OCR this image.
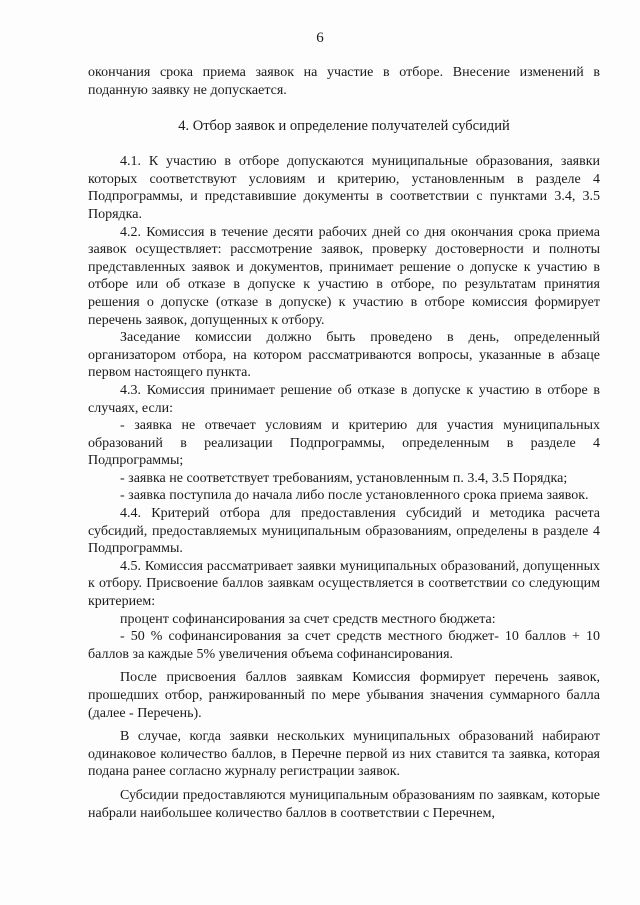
6

окончания срока приема заявок на участие в отборе. Внесение изменений в поданную заявку не допускается.

4. Отбор заявок и определение получателей субсидий

4.1. К участию в отборе допускаются муниципальные образования, заявки которых соответствуют условиям и критерию, установленным в разделе 4 Подпрограммы, и представившие документы в соответствии с пунктами 3.4, 3.5 Порядка.

4.2. Комиссия в течение десяти рабочих дней со дня окончания срока приема заявок осуществляет: рассмотрение заявок, проверку достоверности и полноты представленных заявок и документов, принимает решение о допуске к участию в отборе или об отказе в допуске к участию в отборе, по результатам принятия решения о допуске (отказе в допуске) к участию в отборе комиссия формирует перечень заявок, допущенных к отбору.

Заседание комиссии должно быть проведено в день, определенный организатором отбора, на котором рассматриваются вопросы, указанные в абзаце первом настоящего пункта.

4.3. Комиссия принимает решение об отказе в допуске к участию в отборе в случаях, если:

- заявка не отвечает условиям и критерию для участия муниципальных образований в реализации Подпрограммы, определенным в разделе 4 Подпрограммы;

- заявка не соответствует требованиям, установленным п. 3.4, 3.5 Порядка;

- заявка поступила до начала либо после установленного срока приема заявок.

4.4. Критерий отбора для предоставления субсидий и методика расчета субсидий, предоставляемых муниципальным образованиям, определены в разделе 4 Подпрограммы.

4.5. Комиссия рассматривает заявки муниципальных образований, допущенных к отбору. Присвоение баллов заявкам осуществляется в соответствии со следующим критерием:

процент софинансирования за счет средств местного бюджета:

- 50 % софинансирования за счет средств местного бюджет- 10 баллов + 10 баллов за каждые 5% увеличения объема софинансирования.

После присвоения баллов заявкам Комиссия формирует перечень заявок, прошедших отбор, ранжированный по мере убывания значения суммарного балла (далее - Перечень).

В случае, когда заявки нескольких муниципальных образований набирают одинаковое количество баллов, в Перечне первой из них ставится та заявка, которая подана ранее согласно журналу регистрации заявок.

Субсидии предоставляются муниципальным образованиям по заявкам, которые набрали наибольшее количество баллов в соответствии с Перечнем,
